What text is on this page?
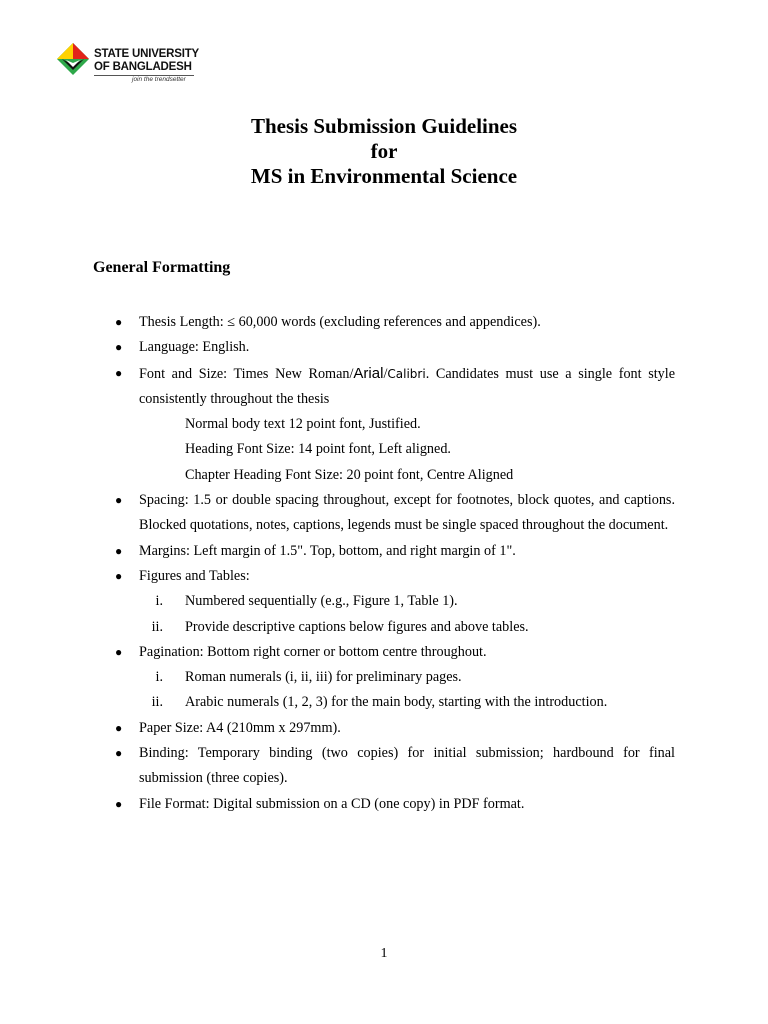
STATE UNIVERSITY
OF BANGLADESH
join the trendsetter
Thesis Submission Guidelines
for
MS in Environmental Science
General Formatting
● Thesis Length: ≤ 60,000 words (excluding references and appendices).
● Language: English.
● Font and Size: Times New Roman/Arial/Calibri. Candidates must use a single font style consistently throughout the thesis
Normal body text 12 point font, Justified.
Heading Font Size: 14 point font, Left aligned.
Chapter Heading Font Size: 20 point font, Centre Aligned
● Spacing: 1.5 or double spacing throughout, except for footnotes, block quotes, and captions. Blocked quotations, notes, captions, legends must be single spaced throughout the document.
● Margins: Left margin of 1.5". Top, bottom, and right margin of 1".
● Figures and Tables:
i. Numbered sequentially (e.g., Figure 1, Table 1).
ii. Provide descriptive captions below figures and above tables.
● Pagination: Bottom right corner or bottom centre throughout.
i. Roman numerals (i, ii, iii) for preliminary pages.
ii. Arabic numerals (1, 2, 3) for the main body, starting with the introduction.
● Paper Size: A4 (210mm x 297mm).
● Binding: Temporary binding (two copies) for initial submission; hardbound for final submission (three copies).
● File Format: Digital submission on a CD (one copy) in PDF format.
1
